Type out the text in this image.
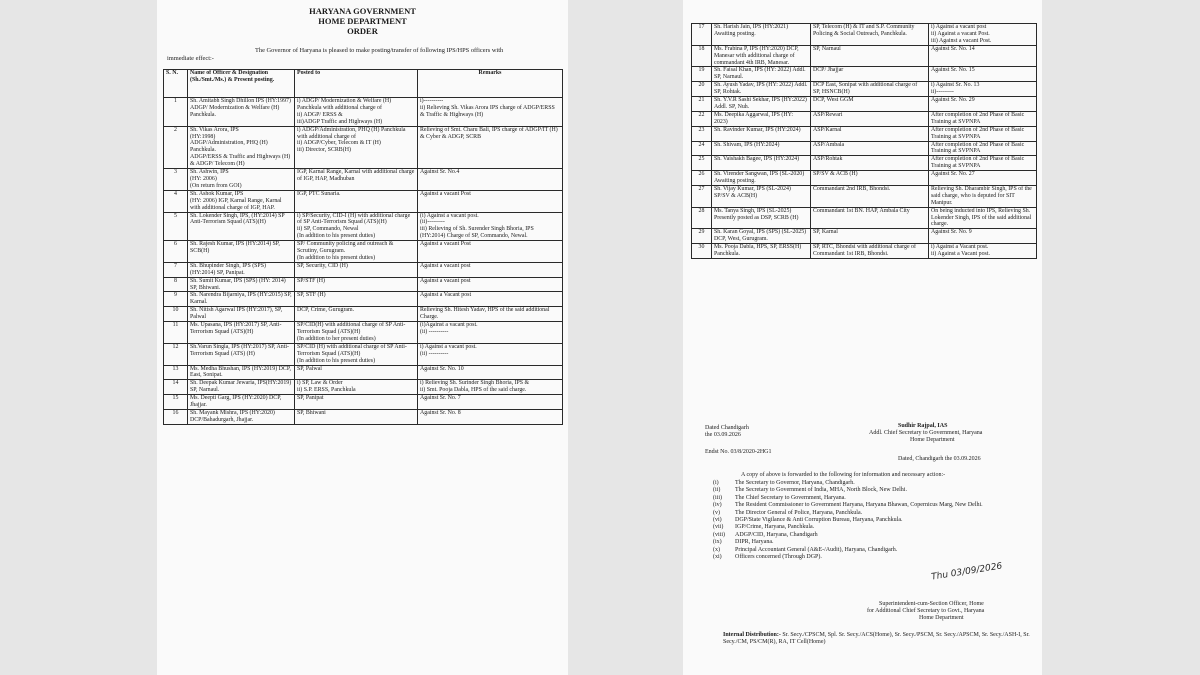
HARYANA GOVERNMENT
HOME DEPARTMENT
ORDER
The Governor of Haryana is pleased to make posting/transfer of following IPS/HPS officers with
immediate effect:-
S. N.	Name of Officer & Designation (Sh./Smt./Ms.) & Present posting.	Posted to	Remarks
1	Sh. Amitabh Singh Dhillon IPS (HY:1997) ADGP/ Modernization & Welfare (H) Panchkula.	i) ADGP/ Modernization & Welfare (H) Panchkula with additional charge of
ii) ADGP/ ERSS &
iii)ADGP Traffic and Highways (H)	i)----------
ii) Relieving Sh. Vikas Arora IPS charge of ADGP/ERSS & Traffic & Highways (H)
2	Sh. Vikas Arora, IPS
(HY:1998)
ADGP/Administration, PHQ (H) Panchkula.
ADGP/ERSS & Traffic and Highways (H) & ADGP/ Telecom (H)	i) ADGP/Administration, PHQ (H) Panchkula with additional charge of
ii) ADGP/Cyber, Telecom & IT (H)
iii) Director, SCRB(H)	Relieving of Smt. Charu Bali, IPS charge of ADGP/IT (H) & Cyber & ADGP, SCRB
3	Sh. Ashwin, IPS
(HY: 2006)
(On return from GOI)	IGP, Karnal Range, Karnal with additional charge of IGP, HAP, Madhuban	Against Sr. No.4
4	Sh. Ashok Kumar, IPS
(HY: 2006) IGP, Karnal Range, Karnal with additional charge of IGP, HAP.	IGP, PTC Sunaria.	Against a vacant Post
5	Sh. Lokender Singh, IPS, (HY:2014) SP Anti-Terrorism Squad (ATS)(H)	i) SP/Security, CID-I (H) with additional charge of SP Anti-Terrorism Squad (ATS)(H)
ii) SP, Commando, Newal
(In addition to his present duties)	(i) Against a vacant post.
(ii)---------
iii) Relieving of Sh. Surender Singh Bhoria, IPS (HY:2014) Charge of SP, Commando, Newal.
6	Sh. Rajesh Kumar, IPS (HY:2014) SP, SCB(H)	SP/ Community policing and outreach & Scrutiny, Gurugram.
(In addition to his present duties)	Against a vacant Post
7	Sh. Bhupinder Singh, IPS (SPS) (HY:2014) SP, Panipat.	SP, Security, CID (H)	Against a vacant post
8	Sh. Sumit Kumar, IPS (SPS) (HY: 2014) SP, Bhiwani.	SP/STF (H)	Against a vacant post
9	Sh. Narendra Bijarniya, IPS (HY:2015) SP, Karnal.	SP, STF (H)	Against a Vacant post
10	Sh. Nitish Agarwal IPS (HY:2017), SP, Palwal	DCP, Crime, Gurugram.	Relieving Sh. Hitesh Yadav, HPS of the said additional Charge.
11	Ms. Upasana, IPS (HY:2017) SP, Anti-Terrorism Squad (ATS)(H)	SP/CID(H) with additional charge of SP Anti-Terrorism Squad (ATS)(H)
(In addition to her present duties)	(i)Against a vacant post.
(ii) ----------
12	Sh.Varun Singla, IPS (HY:2017) SP, Anti-Terrorism Squad (ATS) (H)	SP/CID (H) with additional charge of SP Anti-Terrorism Squad (ATS)(H)
(In addition to his present duties)	i) Against a vacant post.
(ii) ----------
13	Ms. Medha Bhushan, IPS (HY:2019) DCP, East, Sonipat.	SP, Palwal	Against Sr. No. 10
14	Sh. Deepak Kumar Jewaria, IPS(HY:2019) SP, Narnaul.	i) SP, Law & Order
ii) S.P. ERSS, Panchkula	i) Relieving Sh. Surinder Singh Bhoria, IPS &
ii) Smt. Pooja Dabla, HPS of the said charge.
15	Ms. Deepti Garg, IPS (HY:2020) DCP, Jhajjar.	SP, Panipat	Against Sr. No. 7
16	Sh. Mayank Mishra, IPS (HY:2020) DCP/Bahadurgarh, Jhajjar.	SP, Bhiwani	Against Sr. No. 8
17	Sh. Harish Jain, IPS (HY:2021) Awaiting posting.	SP, Telecom (H) & IT and S.P. Community Policing & Social Outreach, Panchkula.	i) Against a vacant post
ii) Against a vacant Post.
iii) Against a vacant Post.
18	Ms. Frabina P, IPS (HY:2020) DCP, Manesar with additional charge of commandant 4th IRB, Manesar.	SP, Narnaul	Against Sr. No. 14
19	Sh. Faisal Khan, IPS (HY: 2022) Addl. SP, Narnaul.	DCP/ Jhajjar	Against Sr. No. 15
20	Sh. Ayush Yadav, IPS (HY: 2022) Addl. SP, Rohtak.	DCP East, Sonipat with additional charge of SP, HSNCB(H)	i) Against Sr. No. 13
ii)---------
21	Sh. Y.V.R Sashi Sekhar, IPS (HY:2022) Addl. SP, Nuh.	DCP, West GGM	Against Sr. No. 29
22	Ms. Deepika Aggarwal, IPS (HY: 2023)	ASP/Rewari	After completion of 2nd Phase of Basic Training at SVPNPA
23	Sh. Ravinder Kumar, IPS (HY:2024)	ASP/Karnal	After completion of 2nd Phase of Basic Training at SVPNPA
24	Sh. Shivam, IPS (HY:2024)	ASP/Ambala	After completion of 2nd Phase of Basic Training at SVPNPA
25	Sh. Vaishakh Bagee, IPS (HY:2024)	ASP/Rohtak	After completion of 2nd Phase of Basic Training at SVPNPA
26	Sh. Virender Sangwan, IPS (SL-2020) Awaiting posting.	SP/SV & ACB (H)	Against Sr. No. 27
27	Sh. Vijay Kumar, IPS (SL-2024) SP/SV & ACB(H)	Commandant 2nd IRB, Bhondsi.	Relieving Sh. Dharambir Singh, IPS of the said charge, who is deputed for SIT Manipur.
28	Ms. Tanya Singh, IPS (SL-2025) Presently posted as DSP, SCRB (H)	Commandant 1st BN. HAP, Ambala City	On being inducted into IPS, Relieving Sh. Lokender Singh, IPS of the said additional charge.
29	Sh. Karan Goyal, IPS (SPS) (SL-2025) DCP, West, Gurugram.	SP, Karnal	Against Sr. No. 9
30	Ms. Pooja Dabla, HPS, SP, ERSS(H) Panchkula.	SP, RTC, Bhondsi with additional charge of Commandant 1st IRB, Bhondsi.	i) Against a Vacant post.
ii) Against a Vacant post.
Dated Chandigarh
the 03.09.2026
Sudhir Rajpal, IAS
Addl. Chief Secretary to Government, Haryana
Home Department
Endst No. 03/8/2020-2HG1
Dated, Chandigarh the 03.09.2026
A copy of above is forwarded to the following for information and necessary action:-
(i)	The Secretary to Governor, Haryana, Chandigarh.
(ii)	The Secretary to Government of India, MHA, North Block, New Delhi.
(iii)	The Chief Secretary to Government, Haryana.
(iv)	The Resident Commissioner to Government Haryana, Haryana Bhawan, Copernicus Marg, New Delhi.
(v)	The Director General of Police, Haryana, Panchkula.
(vi)	DGP/State Vigilance & Anti Corruption Bureau, Haryana, Panchkula.
(vii)	IGP/Crime, Haryana, Panchkula.
(viii)	ADGP/CID, Haryana, Chandigarh
(ix)	DIPR, Haryana.
(x)	Principal Accountant General (A&E-/Audit), Haryana, Chandigarh.
(xi)	Officers concerned (Through DGP).
Thu 03/09/2026
Superintendent-cum-Section Officer, Home
for Additional Chief Secretary to Govt., Haryana
Home Department
Internal Distribution:- Sr. Secy./CPSCM, Spl. Sr. Secy./ACS(Home), Sr. Secy./PSCM, Sr. Secy./APSCM, Sr. Secy./ASH-I, Sr. Secy./CM, PS/CM(R), RA, IT Cell(Home)
